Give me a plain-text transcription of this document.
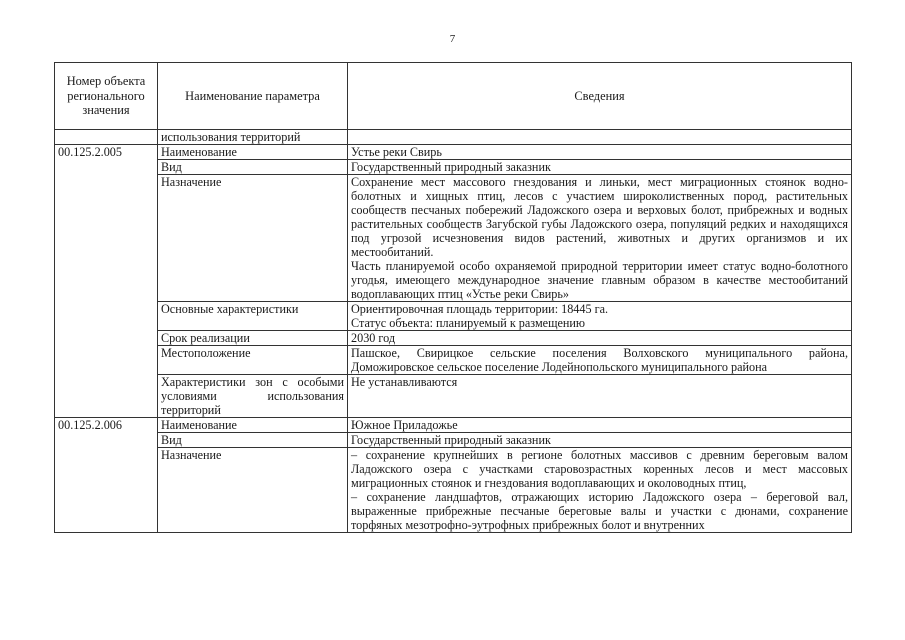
7
Номер объекта регионального значения	Наименование параметра	Сведения
	использования территорий	
00.125.2.005	Наименование	Устье реки Свирь
	Вид	Государственный природный заказник
	Назначение	Сохранение мест массового гнездования и линьки, мест миграционных стоянок водно-болотных и хищных птиц, лесов с участием широколиственных пород, растительных сообществ песчаных побережий Ладожского озера и верховых болот, прибрежных и водных растительных сообществ Загубской губы Ладожского озера, популяций редких и находящихся под угрозой исчезновения видов растений, животных и других организмов и их местообитаний.
Часть планируемой особо охраняемой природной территории имеет статус водно-болотного угодья, имеющего международное значение главным образом в качестве местообитаний водоплавающих птиц «Устье реки Свирь»

	Основные характеристики	Ориентировочная площадь территории: 18445 га.
Статус объекта: планируемый к размещению

	Срок реализации	2030 год
	Местоположение	Пашское, Свирицкое сельские поселения Волховского муниципального района, Доможировское сельское поселение Лодейнопольского муниципального района
	Характеристики зон с особыми условиями использования территорий	Не устанавливаются
00.125.2.006	Наименование	Южное Приладожье
	Вид	Государственный природный заказник
	Назначение	– сохранение крупнейших в регионе болотных массивов с древним береговым валом Ладожского озера с участками старовозрастных коренных лесов и мест массовых миграционных стоянок и гнездования водоплавающих и околоводных птиц,
– сохранение ландшафтов, отражающих историю Ладожского озера – береговой вал, выраженные прибрежные песчаные береговые валы и участки с дюнами, сохранение торфяных мезотрофно-эутрофных прибрежных болот и внутренних
